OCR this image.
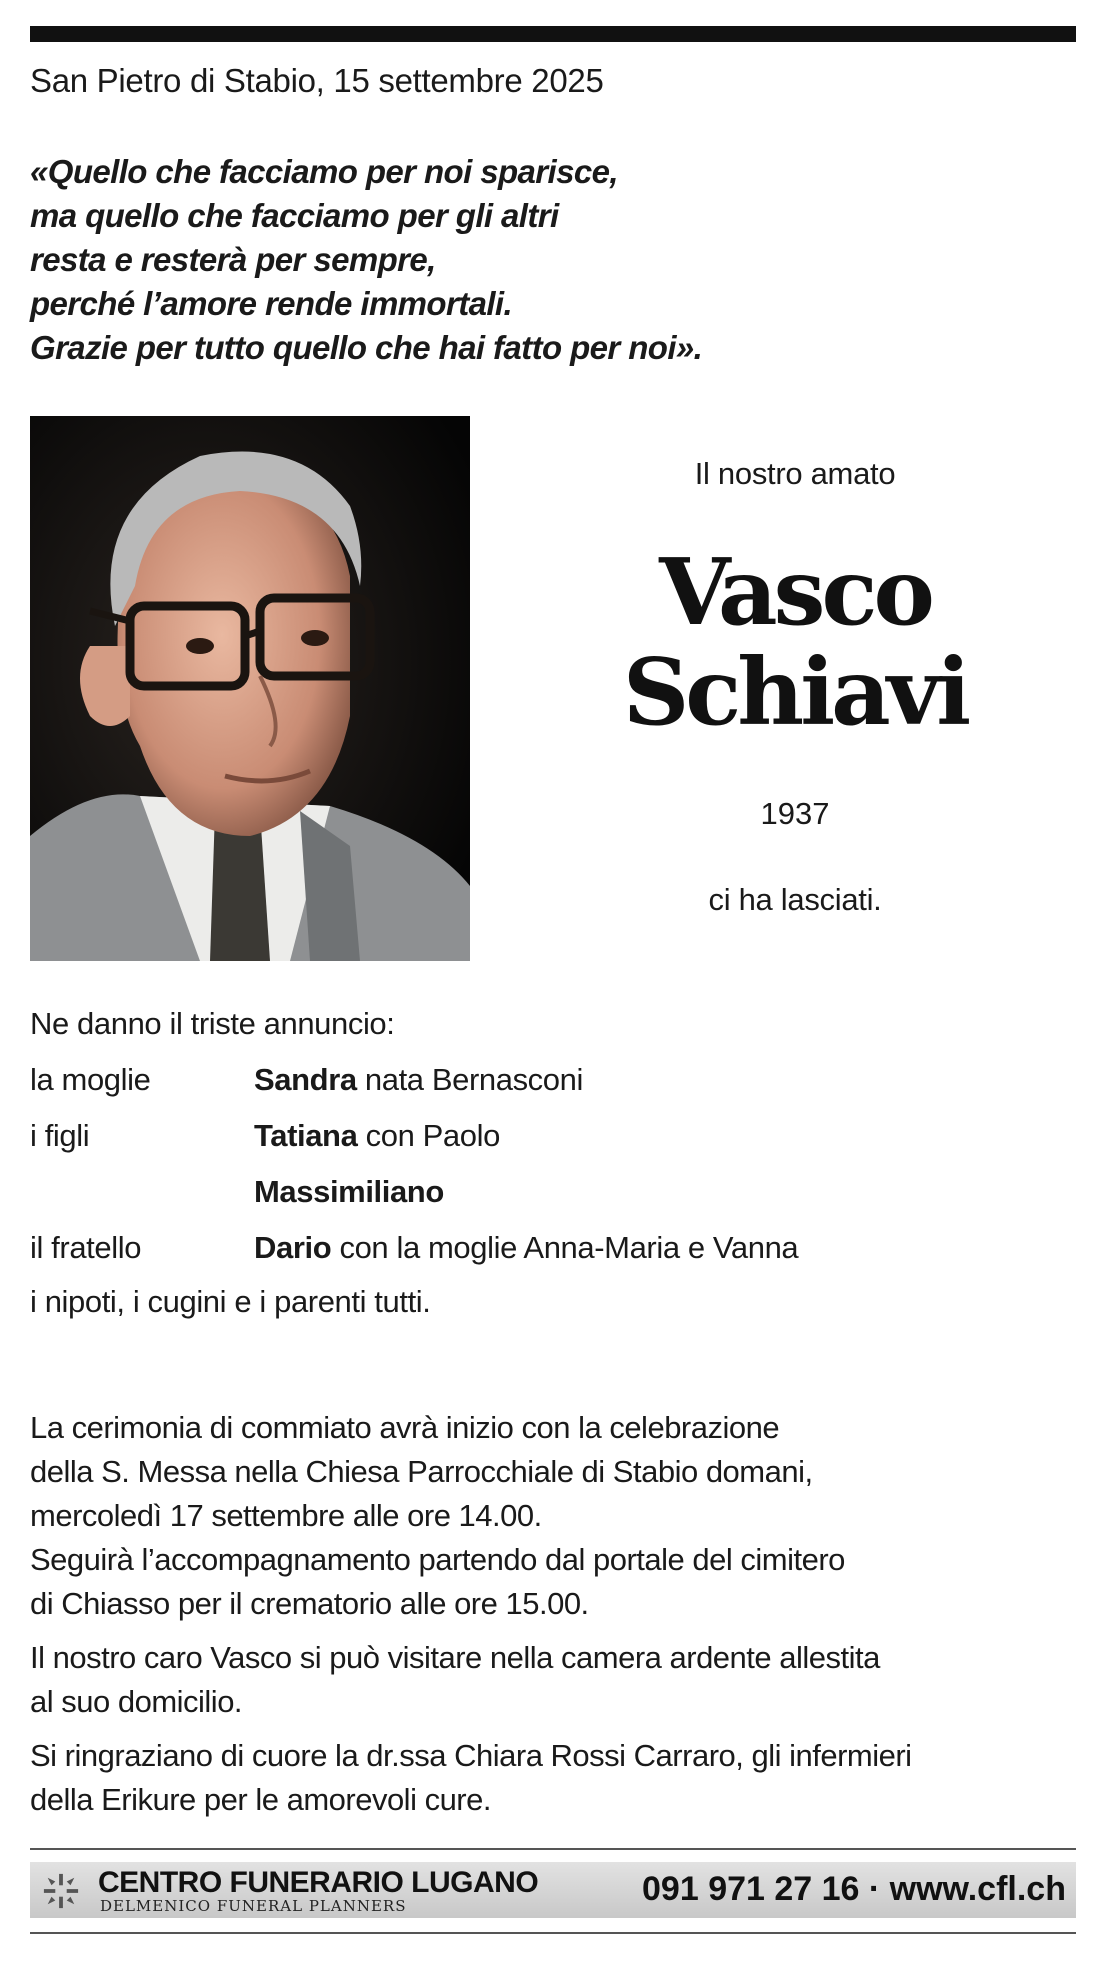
San Pietro di Stabio, 15 settembre 2025
«Quello che facciamo per noi sparisce,
ma quello che facciamo per gli altri
resta e resterà per sempre,
perché l’amore rende immortali.
Grazie per tutto quello che hai fatto per noi».
Il nostro amato
Vasco
Schiavi
1937
ci ha lasciati.
Ne danno il triste annuncio:
la moglie	Sandra nata Bernasconi
i figli	Tatiana con Paolo
Massimiliano
il fratello	Dario con la moglie Anna-Maria e Vanna
i nipoti, i cugini e i parenti tutti.
La cerimonia di commiato avrà inizio con la celebrazione
della S. Messa nella Chiesa Parrocchiale di Stabio domani,
mercoledì 17 settembre alle ore 14.00.
Seguirà l’accompagnamento partendo dal portale del cimitero
di Chiasso per il crematorio alle ore 15.00.
Il nostro caro Vasco si può visitare nella camera ardente allestita
al suo domicilio.
Si ringraziano di cuore la dr.ssa Chiara Rossi Carraro, gli infermieri
della Erikure per le amorevoli cure.
CENTRO FUNERARIO LUGANO
DELMENICO FUNERAL PLANNERS	091 971 27 16 · www.cfl.ch
